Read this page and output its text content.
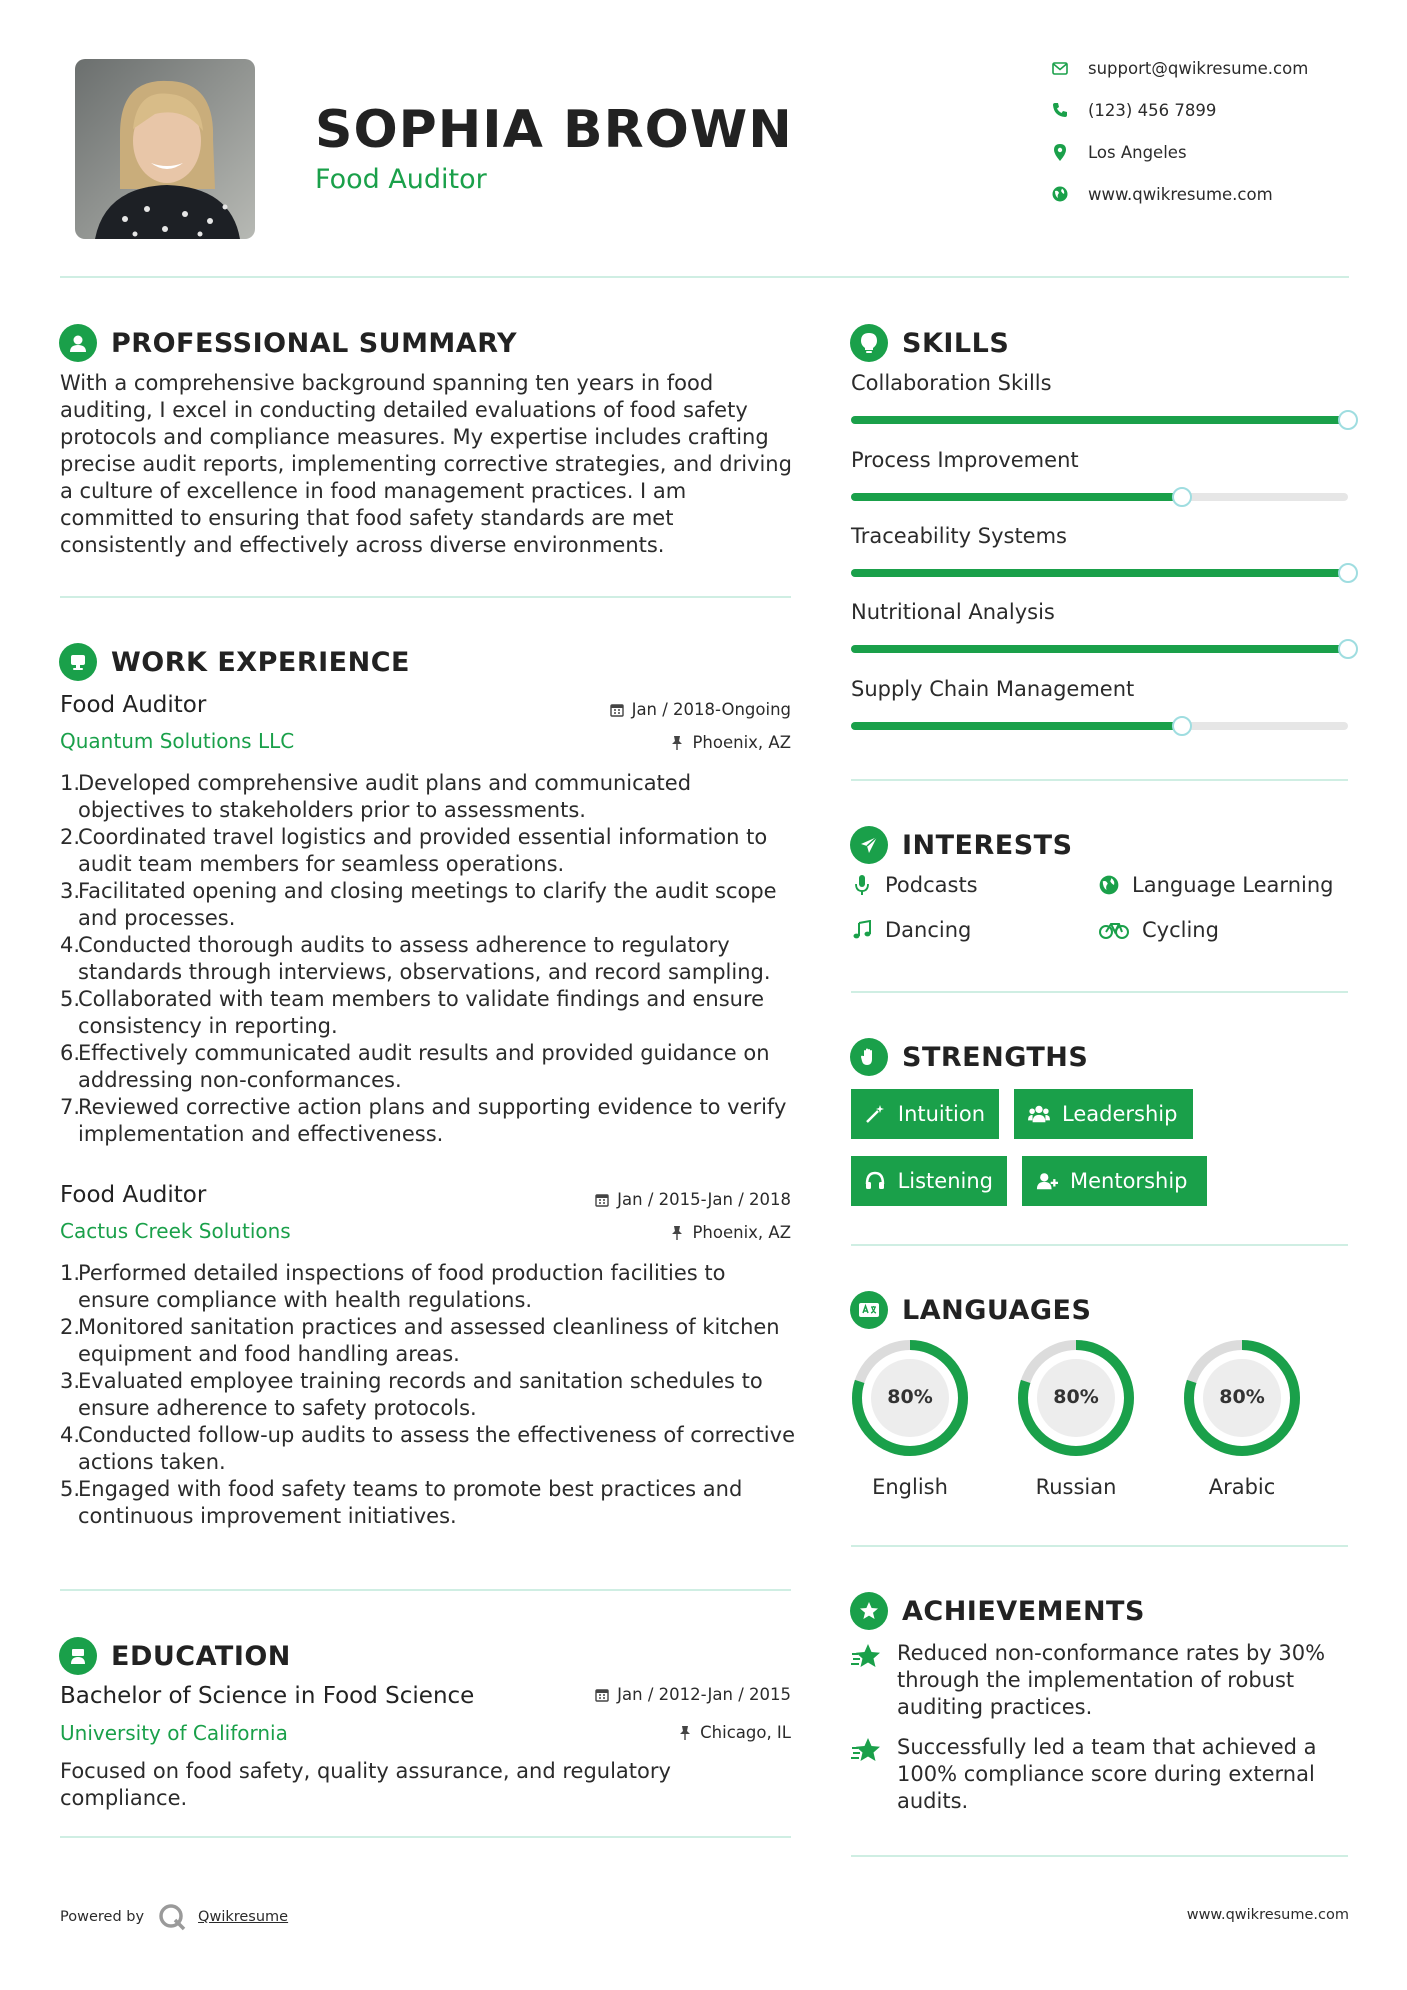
SOPHIA BROWN
Food Auditor
support@qwikresume.com
(123) 456 7899
Los Angeles
www.qwikresume.com
PROFESSIONAL SUMMARY
With a comprehensive background spanning ten years in food auditing, I excel in conducting detailed evaluations of food safety protocols and compliance measures. My expertise includes crafting precise audit reports, implementing corrective strategies, and driving a culture of excellence in food management practices. I am committed to ensuring that food safety standards are met consistently and effectively across diverse environments.
WORK EXPERIENCE
Food Auditor	Jan / 2018-Ongoing
Quantum Solutions LLC	Phoenix, AZ
1.
Developed comprehensive audit plans and communicated objectives to stakeholders prior to assessments.
2.
Coordinated travel logistics and provided essential information to audit team members for seamless operations.
3.
Facilitated opening and closing meetings to clarify the audit scope and processes.
4.
Conducted thorough audits to assess adherence to regulatory standards through interviews, observations, and record sampling.
5.
Collaborated with team members to validate findings and ensure consistency in reporting.
6.
Effectively communicated audit results and provided guidance on addressing non-conformances.
7.
Reviewed corrective action plans and supporting evidence to verify implementation and effectiveness.
Food Auditor	Jan / 2015-Jan / 2018
Cactus Creek Solutions	Phoenix, AZ
1.
Performed detailed inspections of food production facilities to ensure compliance with health regulations.
2.
Monitored sanitation practices and assessed cleanliness of kitchen equipment and food handling areas.
3.
Evaluated employee training records and sanitation schedules to ensure adherence to safety protocols.
4.
Conducted follow-up audits to assess the effectiveness of corrective actions taken.
5.
Engaged with food safety teams to promote best practices and continuous improvement initiatives.
EDUCATION
Bachelor of Science in Food Science	Jan / 2012-Jan / 2015
University of California	Chicago, IL
Focused on food safety, quality assurance, and regulatory compliance.
SKILLS
Collaboration Skills
Process Improvement
Traceability Systems
Nutritional Analysis
Supply Chain Management
INTERESTS
Podcasts	Language Learning
Dancing	Cycling
STRENGTHS
Intuition	Leadership
Listening	Mentorship
LANGUAGES
80%
English
80%
Russian
80%
Arabic
ACHIEVEMENTS
Reduced non-conformance rates by 30% through the implementation of robust auditing practices.
Successfully led a team that achieved a 100% compliance score during external audits.
Powered by	Qwikresume	www.qwikresume.com
